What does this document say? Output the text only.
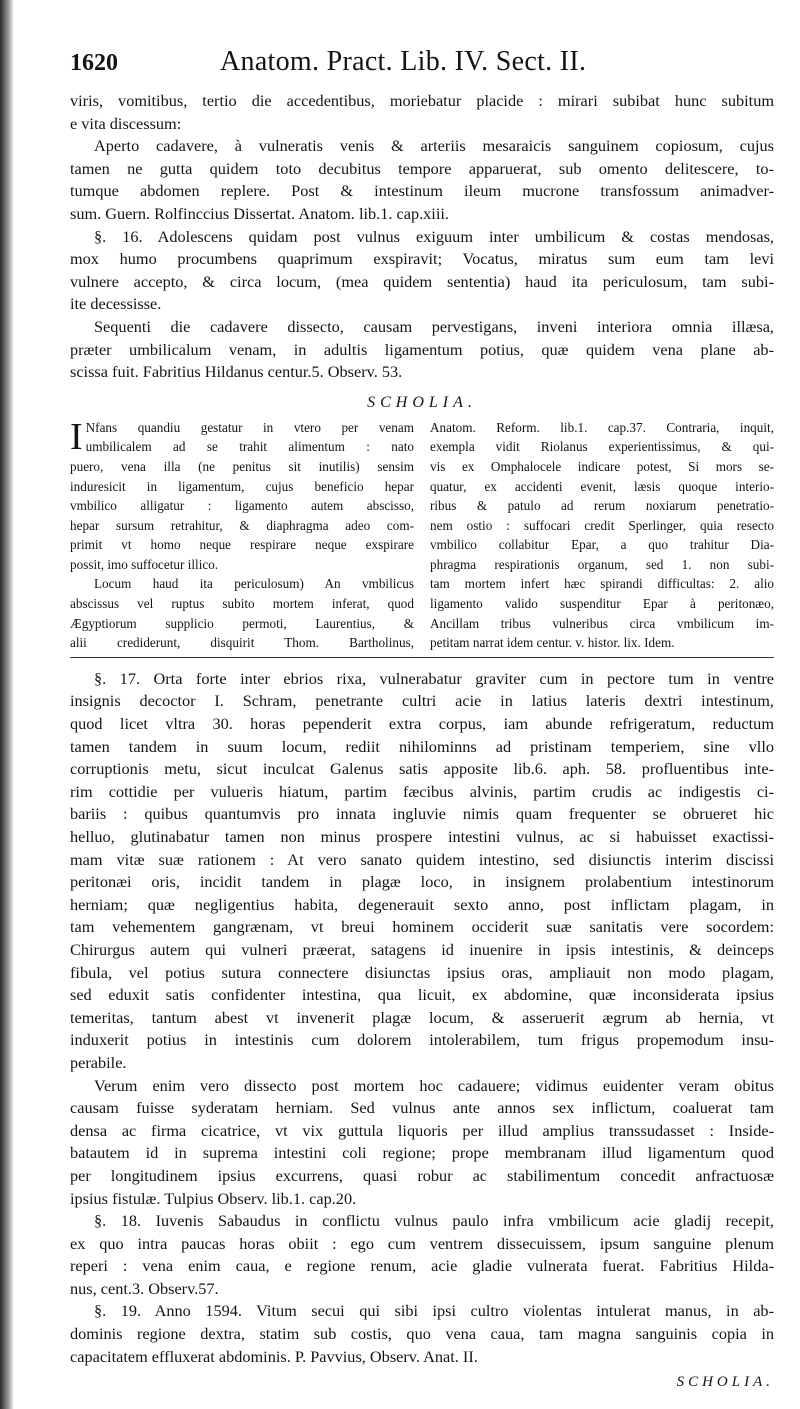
1620	Anatom. Pract. Lib. IV. Sect. II.

viris, vomitibus, tertio die accedentibus, moriebatur placide : mirari subibat hunc subitum

e vita discessum:

Aperto cadavere, à vulneratis venis & arteriis mesaraicis sanguinem copiosum, cujus

tamen ne gutta quidem toto decubitus tempore apparuerat, sub omento delitescere, to-

tumque abdomen replere. Post & intestinum ileum mucrone transfossum animadver-

sum. Guern. Rolfinccius Dissertat. Anatom. lib.1. cap.xiii.

§. 16. Adolescens quidam post vulnus exiguum inter umbilicum & costas mendosas,

mox humo procumbens quaprimum exspiravit; Vocatus, miratus sum eum tam levi

vulnere accepto, & circa locum, (mea quidem sententia) haud ita periculosum, tam subi-

ite decessisse.

Sequenti die cadavere dissecto, causam pervestigans, inveni interiora omnia illæsa,

præter umbilicalum venam, in adultis ligamentum potius, quæ quidem vena plane ab-

scissa fuit. Fabritius Hildanus centur.5. Observ. 53.

SCHOLIA.

I Nfans quandiu gestatur in vtero per venam

umbilicalem ad se trahit alimentum : nato

puero, vena illa (ne penitus sit inutilis) sensim

induresicit in ligamentum, cujus beneficio hepar

vmbilico alligatur : ligamento autem abscisso,

hepar sursum retrahitur, & diaphragma adeo com-

primit vt homo neque respirare neque exspirare

possit, imo suffocetur illico.

Locum haud ita periculosum) An vmbilicus

abscissus vel ruptus subito mortem inferat, quod

Ægyptiorum supplicio permoti, Laurentius, &

alii crediderunt, disquirit Thom. Bartholinus,

Anatom. Reform. lib.1. cap.37. Contraria, inquit,

exempla vidit Riolanus experientissimus, & qui-

vis ex Omphalocele indicare potest, Si mors se-

quatur, ex accidenti evenit, læsis quoque interio-

ribus & patulo ad rerum noxiarum penetratio-

nem ostio : suffocari credit Sperlinger, quia resecto

vmbilico collabitur Epar, a quo trahitur Dia-

phragma respirationis organum, sed 1. non subi-

tam mortem infert hæc spirandi difficultas: 2. alio

ligamento valido suspenditur Epar à peritonæo,

Ancillam tribus vulneribus circa vmbilicum im-

petitam narrat idem centur. v. histor. lix. Idem.

§. 17. Orta forte inter ebrios rixa, vulnerabatur graviter cum in pectore tum in ventre

insignis decoctor I. Schram, penetrante cultri acie in latius lateris dextri intestinum,

quod licet vltra 30. horas pependerit extra corpus, iam abunde refrigeratum, reductum

tamen tandem in suum locum, rediit nihilominns ad pristinam temperiem, sine vllo

corruptionis metu, sicut inculcat Galenus satis apposite lib.6. aph. 58. profluentibus inte-

rim cottidie per vulueris hiatum, partim fæcibus alvinis, partim crudis ac indigestis ci-

bariis : quibus quantumvis pro innata ingluvie nimis quam frequenter se obrueret hic

helluo, glutinabatur tamen non minus prospere intestini vulnus, ac si habuisset exactissi-

mam vitæ suæ rationem : At vero sanato quidem intestino, sed disiunctis interim discissi

peritonæi oris, incidit tandem in plagæ loco, in insignem prolabentium intestinorum

herniam; quæ negligentius habita, degenerauit sexto anno, post inflictam plagam, in

tam vehementem gangrænam, vt breui hominem occiderit suæ sanitatis vere socordem:

Chirurgus autem qui vulneri præerat, satagens id inuenire in ipsis intestinis, & deinceps

fibula, vel potius sutura connectere disiunctas ipsius oras, ampliauit non modo plagam,

sed eduxit satis confidenter intestina, qua licuit, ex abdomine, quæ inconsiderata ipsius

temeritas, tantum abest vt invenerit plagæ locum, & asseruerit ægrum ab hernia, vt

induxerit potius in intestinis cum dolorem intolerabilem, tum frigus propemodum insu-

perabile.

Verum enim vero dissecto post mortem hoc cadauere; vidimus euidenter veram obitus

causam fuisse syderatam herniam. Sed vulnus ante annos sex inflictum, coaluerat tam

densa ac firma cicatrice, vt vix guttula liquoris per illud amplius transsudasset : Inside-

batautem id in suprema intestini coli regione; prope membranam illud ligamentum quod

per longitudinem ipsius excurrens, quasi robur ac stabilimentum concedit anfractuosæ

ipsius fistulæ. Tulpius Observ. lib.1. cap.20.

§. 18. Iuvenis Sabaudus in conflictu vulnus paulo infra vmbilicum acie gladij recepit,

ex quo intra paucas horas obiit : ego cum ventrem dissecuissem, ipsum sanguine plenum

reperi : vena enim caua, e regione renum, acie gladie vulnerata fuerat. Fabritius Hilda-

nus, cent.3. Observ.57.

§. 19. Anno 1594. Vitum secui qui sibi ipsi cultro violentas intulerat manus, in ab-

dominis regione dextra, statim sub costis, quo vena caua, tam magna sanguinis copia in

capacitatem effluxerat abdominis. P. Pavvius, Observ. Anat. II.

SCHOLIA.
